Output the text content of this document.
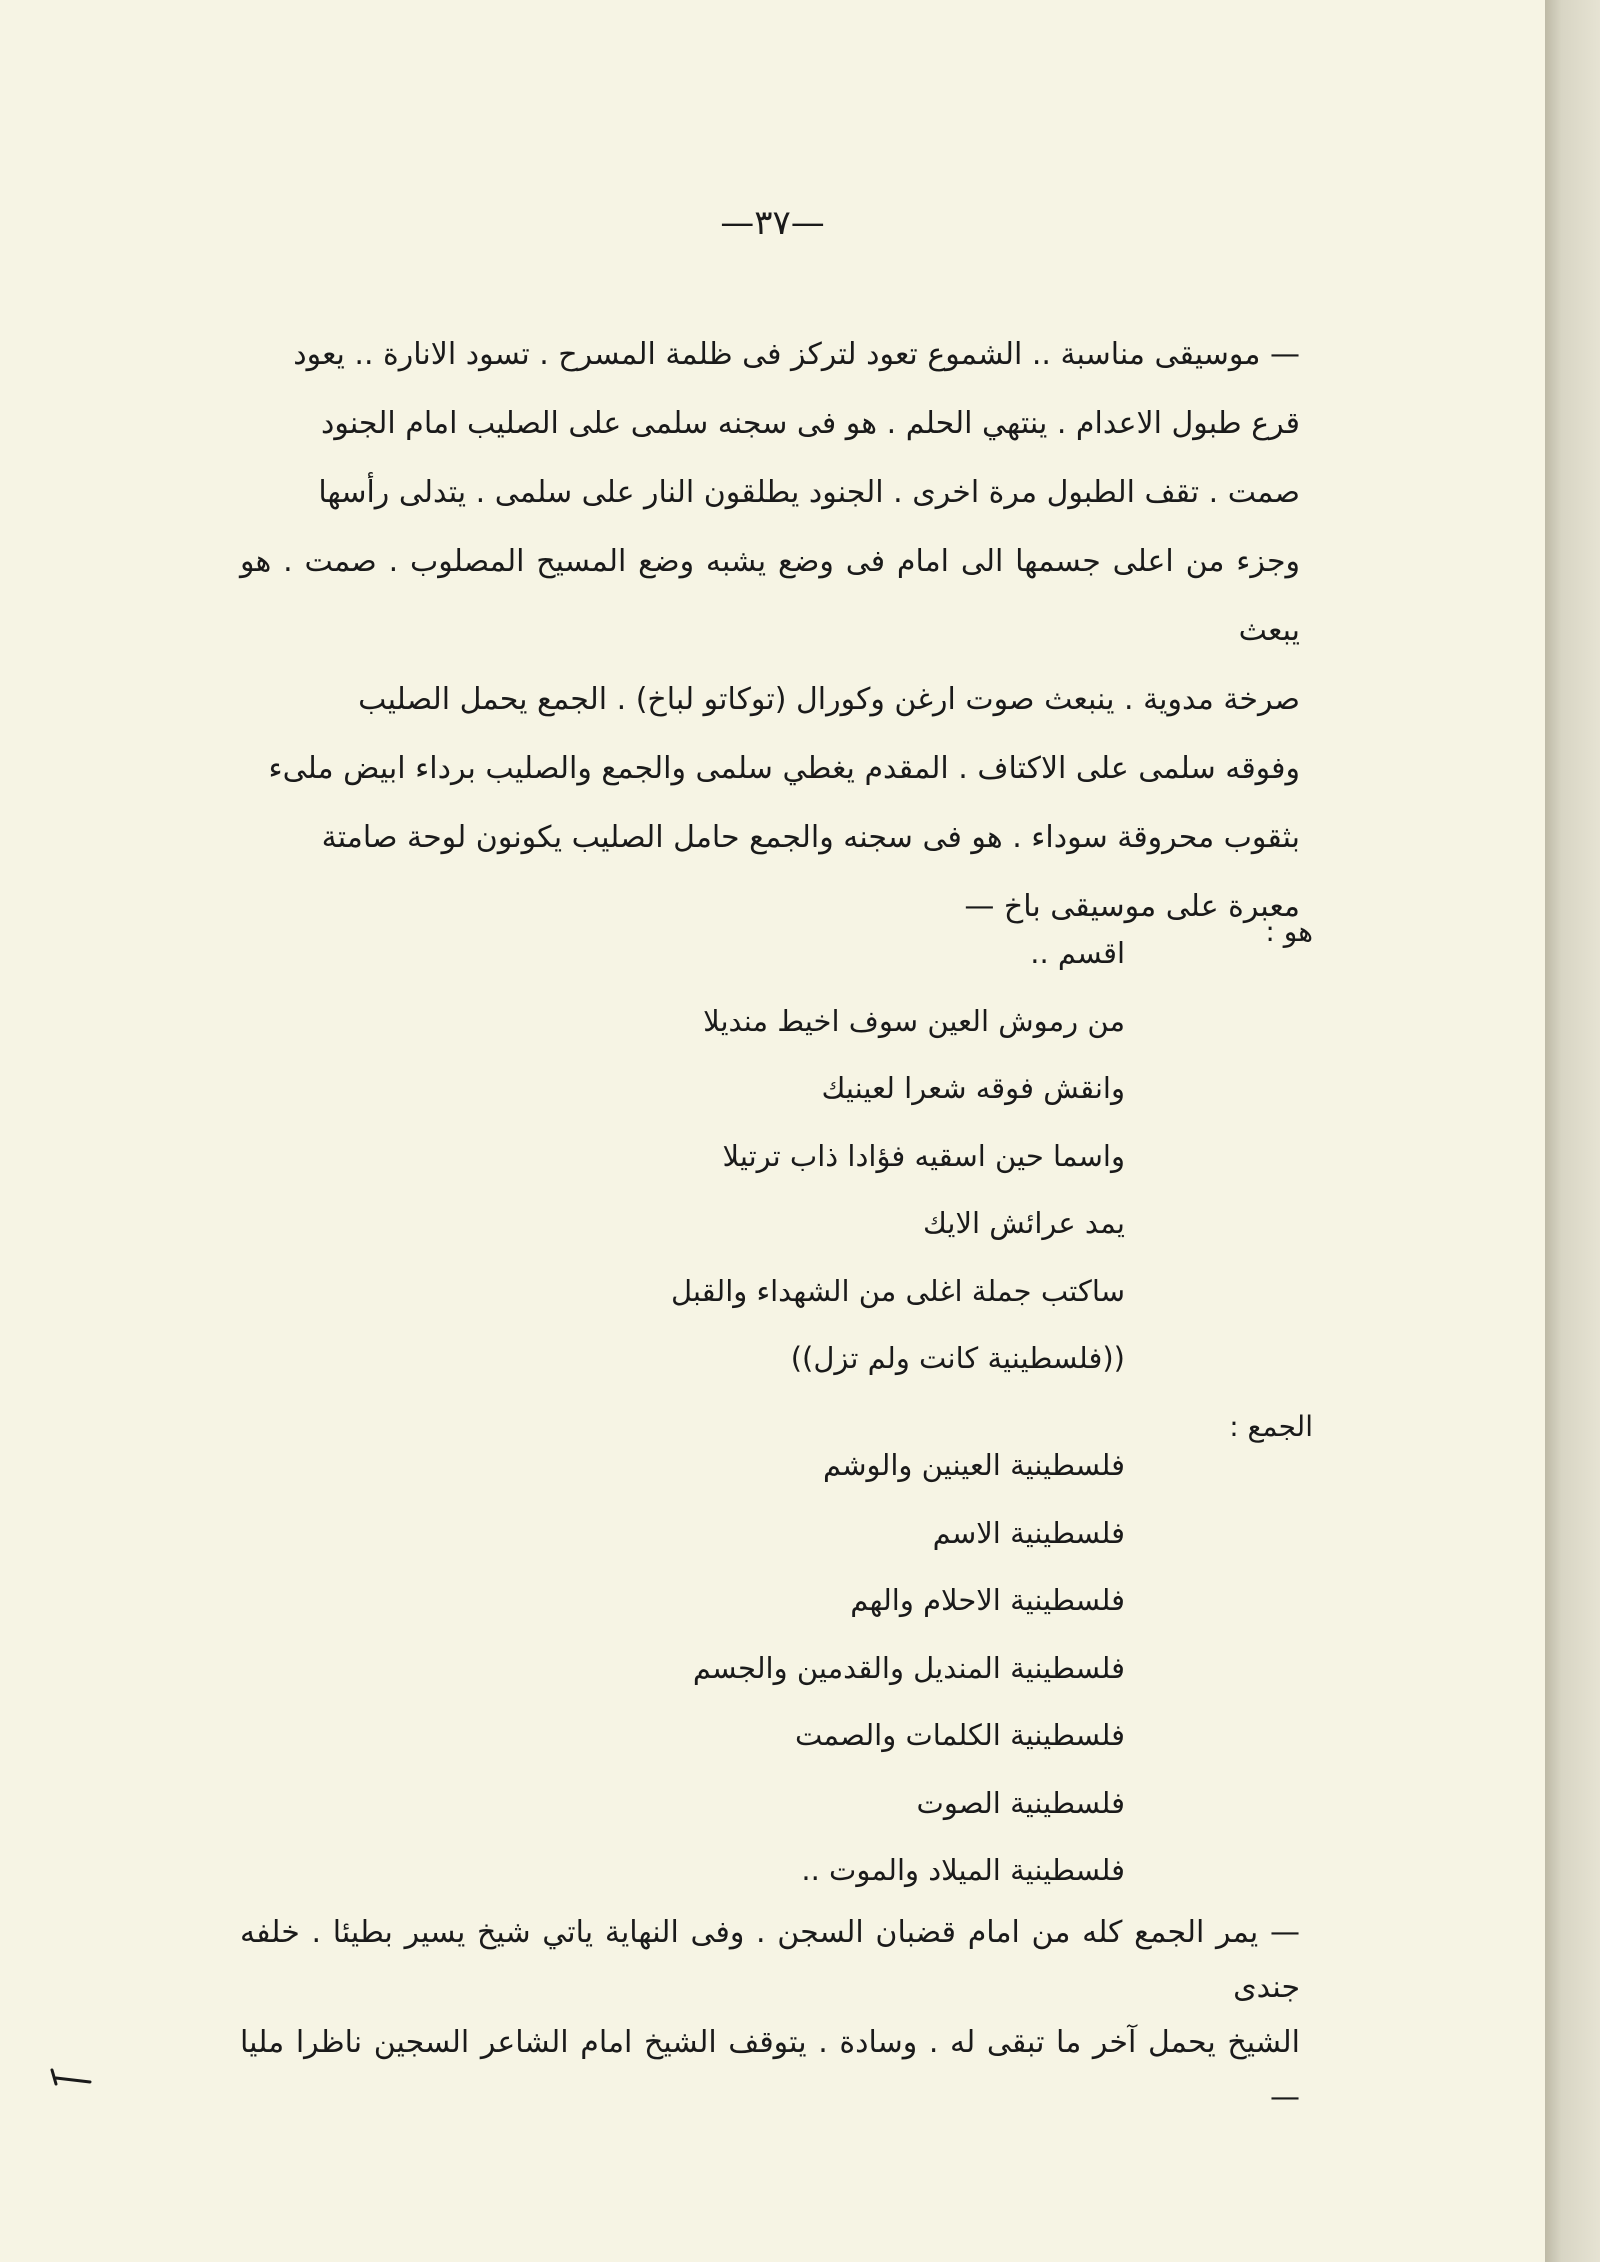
—٣٧—
— موسيقى مناسبة .. الشموع تعود لتركز فى ظلمة المسرح . تسود الانارة .. يعود
قرع طبول الاعدام . ينتهي الحلم . هو فى سجنه سلمى على الصليب امام الجنود
صمت . تقف الطبول مرة اخرى . الجنود يطلقون النار على سلمى . يتدلى رأسها
وجزء من اعلى جسمها الى امام فى وضع يشبه وضع المسيح المصلوب . صمت . هو يبعث
صرخة مدوية . ينبعث صوت ارغن وكورال (توكاتو لباخ) . الجمع يحمل الصليب
وفوقه سلمى على الاكتاف . المقدم يغطي سلمى والجمع والصليب برداء ابيض ملىء
بثقوب محروقة سوداء . هو فى سجنه والجمع حامل الصليب يكونون لوحة صامتة
معبرة على موسيقى باخ —
هو :
اقسم ..
من رموش العين سوف اخيط منديلا
وانقش فوقه شعرا لعينيك
واسما حين اسقيه فؤادا ذاب ترتيلا
يمد عرائش الايك
ساكتب جملة اغلى من الشهداء والقبل
((فلسطينية كانت ولم تزل))
الجمع :
فلسطينية العينين والوشم
فلسطينية الاسم
فلسطينية الاحلام والهم
فلسطينية المنديل والقدمين والجسم
فلسطينية الكلمات والصمت
فلسطينية الصوت
فلسطينية الميلاد والموت ..
— يمر الجمع كله من امام قضبان السجن . وفى النهاية ياتي شيخ يسير بطيئا . خلفه جندى
الشيخ يحمل آخر ما تبقى له . وسادة . يتوقف الشيخ امام الشاعر السجين ناظرا مليا —
